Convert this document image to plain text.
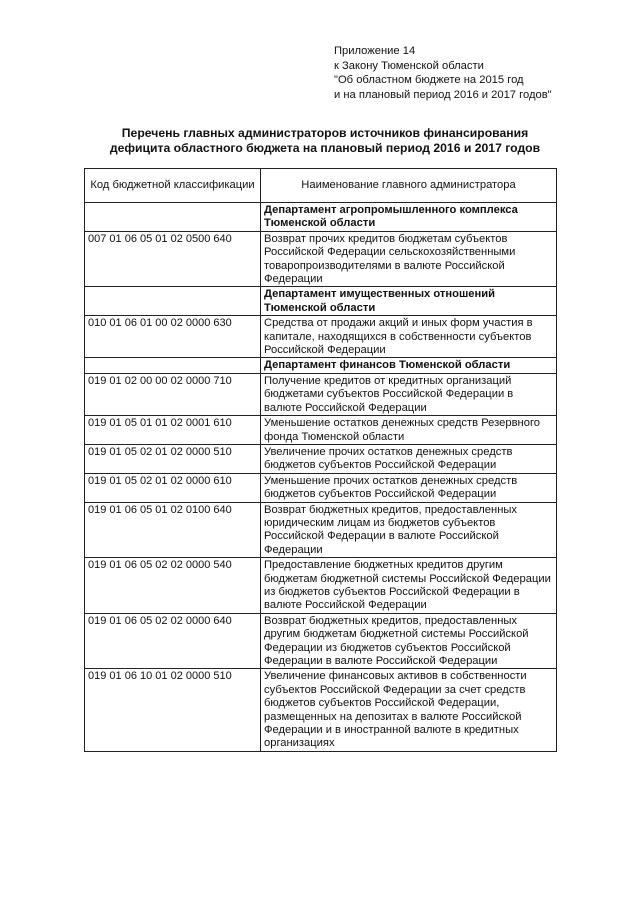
Приложение 14
к Закону Тюменской области
"Об областном бюджете на 2015 год
и на плановый период 2016 и 2017 годов"
Перечень главных администраторов источников финансирования
дефицита областного бюджета на плановый период 2016 и 2017 годов
Код бюджетной классификации	Наименование главного администратора
	Департамент агропромышленного комплекса Тюменской области
007 01 06 05 01 02 0500 640	Возврат прочих кредитов бюджетам субъектов Российской Федерации сельскохозяйственными товаропроизводителями в валюте Российской Федерации
	Департамент имущественных отношений Тюменской области
010 01 06 01 00 02 0000 630	Средства от продажи акций и иных форм участия в капитале, находящихся в собственности субъектов Российской Федерации
	Департамент финансов Тюменской области
019 01 02 00 00 02 0000 710	Получение кредитов от кредитных организаций бюджетами субъектов Российской Федерации в валюте Российской Федерации
019 01 05 01 01 02 0001 610	Уменьшение остатков денежных средств Резервного фонда Тюменской области
019 01 05 02 01 02 0000 510	Увеличение прочих остатков денежных средств бюджетов субъектов Российской Федерации
019 01 05 02 01 02 0000 610	Уменьшение прочих остатков денежных средств бюджетов субъектов Российской Федерации
019 01 06 05 01 02 0100 640	Возврат бюджетных кредитов, предоставленных юридическим лицам из бюджетов субъектов Российской Федерации в валюте Российской Федерации
019 01 06 05 02 02 0000 540	Предоставление бюджетных кредитов другим бюджетам бюджетной системы Российской Федерации из бюджетов субъектов Российской Федерации в валюте Российской Федерации
019 01 06 05 02 02 0000 640	Возврат бюджетных кредитов, предоставленных другим бюджетам бюджетной системы Российской Федерации из бюджетов субъектов Российской Федерации в валюте Российской Федерации
019 01 06 10 01 02 0000 510	Увеличение финансовых активов в собственности субъектов Российской Федерации за счет средств бюджетов субъектов Российской Федерации, размещенных на депозитах в валюте Российской Федерации и в иностранной валюте в кредитных организациях
